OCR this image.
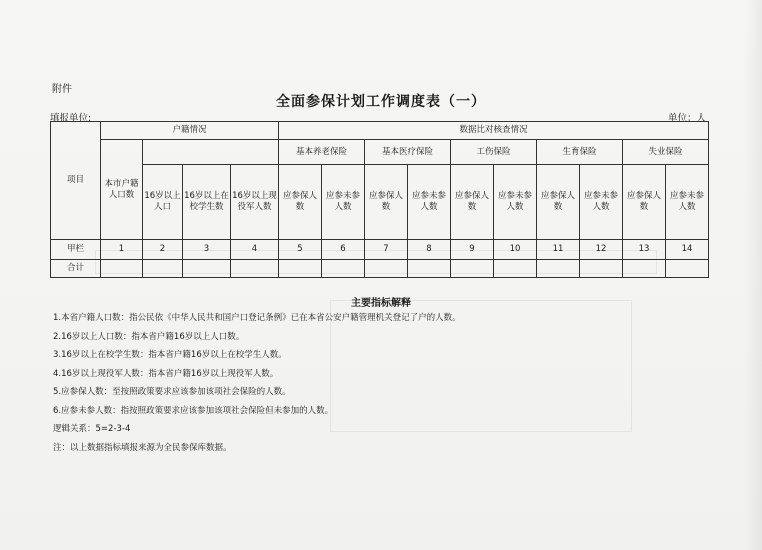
附件
全面参保计划工作调度表（一）
填报单位:	单位：人
项目	户籍情况				数据比对核查情况									
	本市户籍人口数				基本养老保险		基本医疗保险		工伤保险		生育保险		失业保险	

		16岁以上人口	16岁以上在校学生数	16岁以上现役军人数	应参保人数	应参未参人数	应参保人数	应参未参人数	应参保人数	应参未参人数	应参保人数	应参未参人数	应参保人数	应参未参人数
甲栏	1	2	3	4	5	6	7	8	9	10	11	12	13	14
合计														
主要指标解释
1.本省户籍人口数：指公民依《中华人民共和国户口登记条例》已在本省公安户籍管理机关登记了户的人数。
2.16岁以上人口数：指本省户籍16岁以上人口数。
3.16岁以上在校学生数：指本省户籍16岁以上在校学生人数。
4.16岁以上现役军人数：指本省户籍16岁以上现役军人数。
5.应参保人数：至按照政策要求应该参加该项社会保险的人数。
6.应参未参人数：指按照政策要求应该参加该项社会保险但未参加的人数。
逻辑关系：5=2-3-4
注：以上数据指标填报来源为全民参保库数据。
